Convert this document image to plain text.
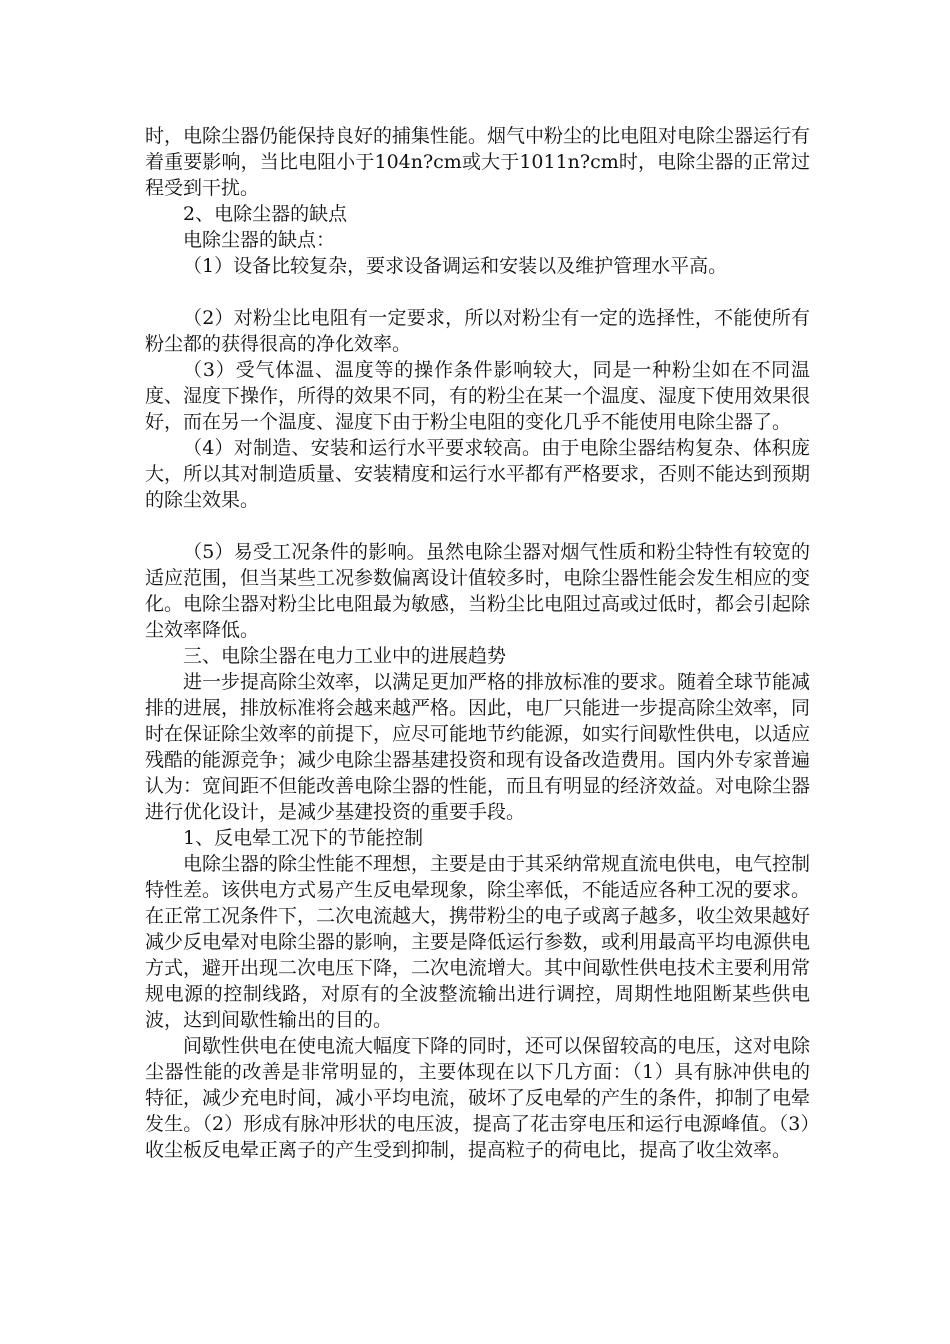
时，电除尘器仍能保持良好的捕集性能。烟气中粉尘的比电阻对电除尘器运行有着重要影响，当比电阻小于104n?cm或大于1011n?cm时，电除尘器的正常过程受到干扰。

2、电除尘器的缺点

电除尘器的缺点：

（1）设备比较复杂，要求设备调运和安装以及维护管理水平高。

（2）对粉尘比电阻有一定要求，所以对粉尘有一定的选择性，不能使所有粉尘都的获得很高的净化效率。

（3）受气体温、温度等的操作条件影响较大，同是一种粉尘如在不同温度、湿度下操作，所得的效果不同，有的粉尘在某一个温度、湿度下使用效果很好，而在另一个温度、湿度下由于粉尘电阻的变化几乎不能使用电除尘器了。

（4）对制造、安装和运行水平要求较高。由于电除尘器结构复杂、体积庞大，所以其对制造质量、安装精度和运行水平都有严格要求，否则不能达到预期的除尘效果。

（5）易受工况条件的影响。虽然电除尘器对烟气性质和粉尘特性有较宽的适应范围，但当某些工况参数偏离设计值较多时，电除尘器性能会发生相应的变化。电除尘器对粉尘比电阻最为敏感，当粉尘比电阻过高或过低时，都会引起除尘效率降低。

三、电除尘器在电力工业中的进展趋势

进一步提高除尘效率，以满足更加严格的排放标准的要求。随着全球节能减排的进展，排放标准将会越来越严格。因此，电厂只能进一步提高除尘效率，同时在保证除尘效率的前提下，应尽可能地节约能源，如实行间歇性供电，以适应残酷的能源竞争；减少电除尘器基建投资和现有设备改造费用。国内外专家普遍认为：宽间距不但能改善电除尘器的性能，而且有明显的经济效益。对电除尘器进行优化设计，是减少基建投资的重要手段。

1、反电晕工况下的节能控制

电除尘器的除尘性能不理想，主要是由于其采纳常规直流电供电，电气控制特性差。该供电方式易产生反电晕现象，除尘率低，不能适应各种工况的要求。在正常工况条件下，二次电流越大，携带粉尘的电子或离子越多，收尘效果越好减少反电晕对电除尘器的影响，主要是降低运行参数，或利用最高平均电源供电方式，避开出现二次电压下降，二次电流增大。其中间歇性供电技术主要利用常规电源的控制线路，对原有的全波整流输出进行调控，周期性地阻断某些供电波，达到间歇性输出的目的。

间歇性供电在使电流大幅度下降的同时，还可以保留较高的电压，这对电除尘器性能的改善是非常明显的，主要体现在以下几方面：（1）具有脉冲供电的特征，减少充电时间，减小平均电流，破坏了反电晕的产生的条件，抑制了电晕发生。（2）形成有脉冲形状的电压波，提高了花击穿电压和运行电源峰值。（3）收尘板反电晕正离子的产生受到抑制，提高粒子的荷电比，提高了收尘效率。
